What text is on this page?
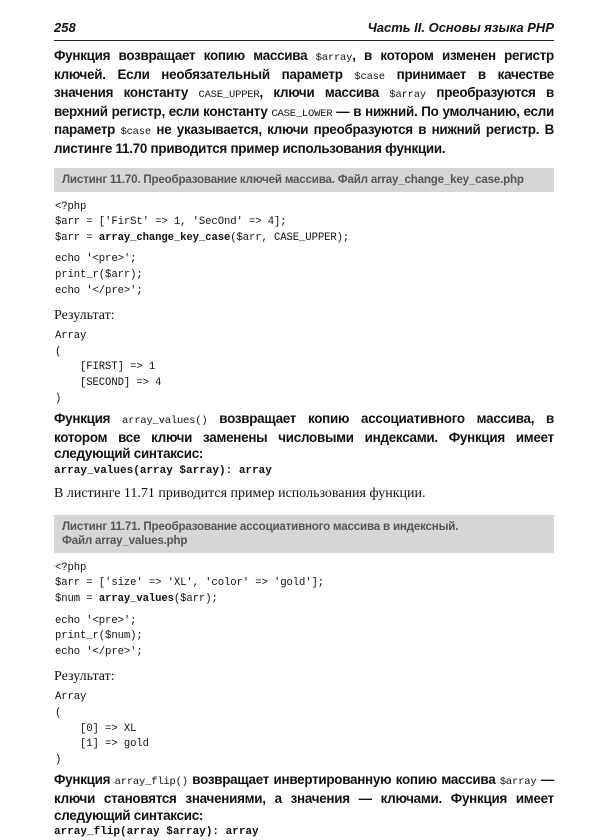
258	Часть II. Основы языка PHP

Функция возвращает копию массива $array, в котором изменен регистр ключей. Если необязательный параметр $case принимает в качестве значения константу CASE_UPPER, ключи массива $array преобразуются в верхний регистр, если константу CASE_LOWER — в нижний. По умолчанию, если параметр $case не указывается, ключи преобразуются в нижний регистр. В листинге 11.70 приводится пример использования функции.

Листинг 11.70. Преобразование ключей массива. Файл array_change_key_case.php
<?php
$arr = ['FirSt' => 1, 'SecOnd' => 4];
$arr = array_change_key_case($arr, CASE_UPPER);
echo '<pre>';
print_r($arr);
echo '</pre>';

Результат:

Array
(
[FIRST] => 1
[SECOND] => 4
)

Функция array_values() возвращает копию ассоциативного массива, в котором все ключи заменены числовыми индексами. Функция имеет следующий синтаксис:

array_values(array $array): array

В листинге 11.71 приводится пример использования функции.

Листинг 11.71. Преобразование ассоциативного массива в индексный.
Файл array_values.php
<?php
$arr = ['size' => 'XL', 'color' => 'gold'];
$num = array_values($arr);
echo '<pre>';
print_r($num);
echo '</pre>';

Результат:

Array
(
[0] => XL
[1] => gold
)

Функция array_flip() возвращает инвертированную копию массива $array — ключи становятся значениями, а значения — ключами. Функция имеет следующий синтаксис:

array_flip(array $array): array
